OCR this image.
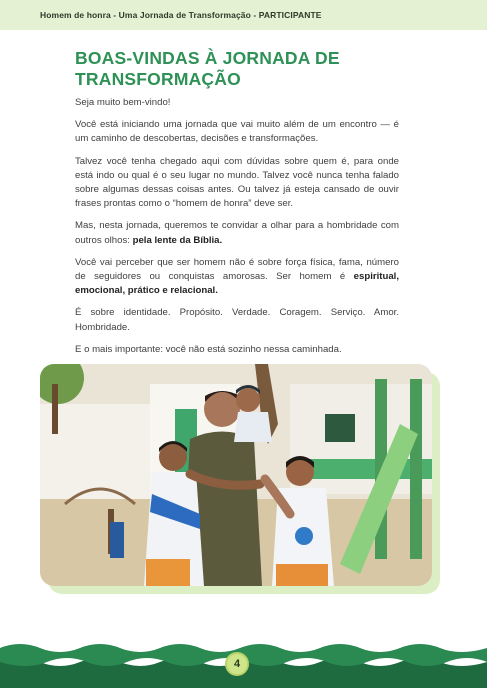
Homem de honra - Uma Jornada de Transformação - PARTICIPANTE
BOAS-VINDAS À JORNADA DE TRANSFORMAÇÃO

Seja muito bem-vindo!

Você está iniciando uma jornada que vai muito além de um encontro — é um caminho de descobertas, decisões e transformações.

Talvez você tenha chegado aqui com dúvidas sobre quem é, para onde está indo ou qual é o seu lugar no mundo. Talvez você nunca tenha falado sobre algumas dessas coisas antes. Ou talvez já esteja cansado de ouvir frases prontas como o “homem de honra” deve ser.

Mas, nesta jornada, queremos te convidar a olhar para a hombridade com outros olhos: pela lente da Bíblia.

Você vai perceber que ser homem não é sobre força física, fama, número de seguidores ou conquistas amorosas. Ser homem é espiritual, emocional, prático e relacional.

É sobre identidade. Propósito. Verdade. Coragem. Serviço. Amor. Hombridade.

E o mais importante: você não está sozinho nessa caminhada.

4
